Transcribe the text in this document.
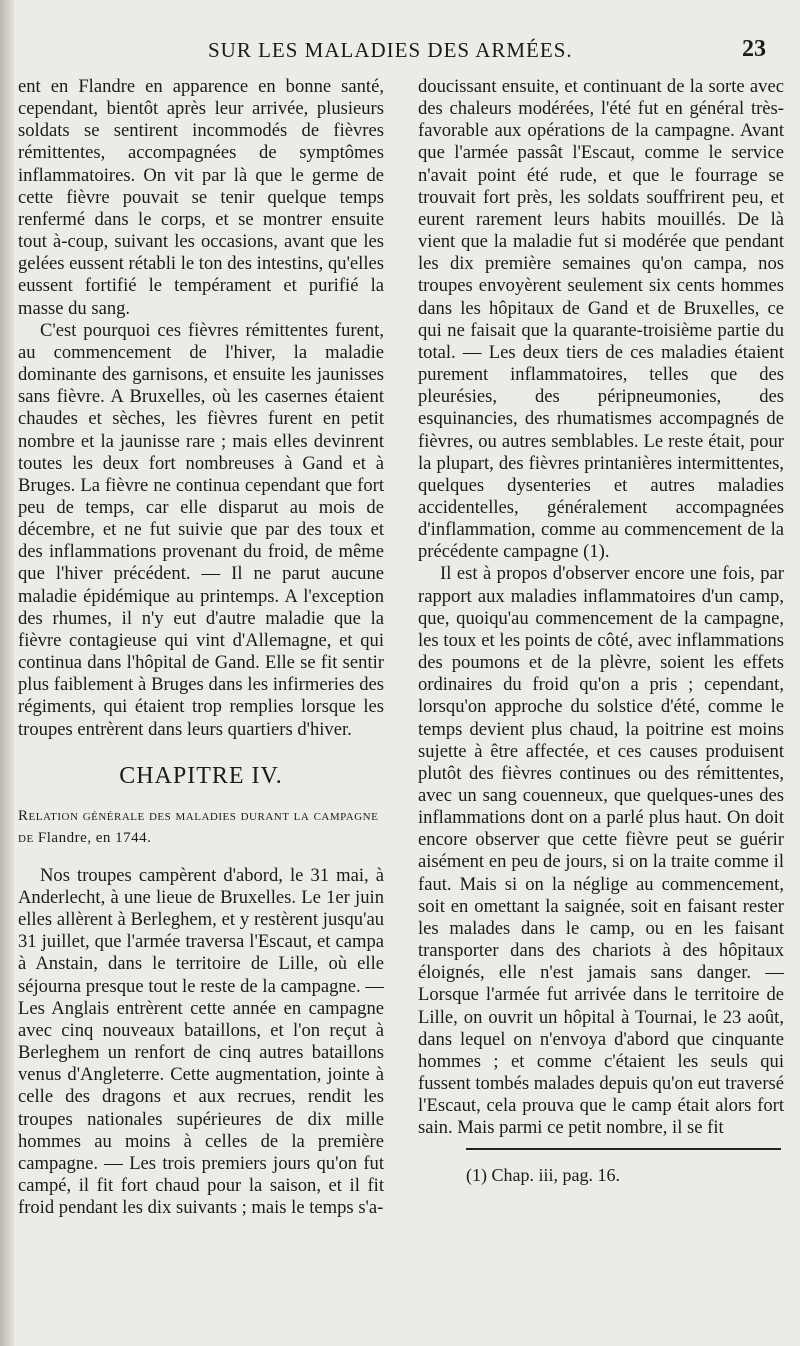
SUR LES MALADIES DES ARMÉES.	23

ent en Flandre en apparence en bonne santé, cependant, bientôt après leur arrivée, plusieurs soldats se sentirent incommodés de fièvres rémittentes, accompagnées de symptômes inflammatoires. On vit par là que le germe de cette fièvre pouvait se tenir quelque temps renfermé dans le corps, et se montrer ensuite tout à-coup, suivant les occasions, avant que les gelées eussent rétabli le ton des intestins, qu'elles eussent fortifié le tempérament et purifié la masse du sang.

C'est pourquoi ces fièvres rémittentes furent, au commencement de l'hiver, la maladie dominante des garnisons, et ensuite les jaunisses sans fièvre. A Bruxelles, où les casernes étaient chaudes et sèches, les fièvres furent en petit nombre et la jaunisse rare ; mais elles devinrent toutes les deux fort nombreuses à Gand et à Bruges. La fièvre ne continua cependant que fort peu de temps, car elle disparut au mois de décembre, et ne fut suivie que par des toux et des inflammations provenant du froid, de même que l'hiver précédent. — Il ne parut aucune maladie épidémique au printemps. A l'exception des rhumes, il n'y eut d'autre maladie que la fièvre contagieuse qui vint d'Allemagne, et qui continua dans l'hôpital de Gand. Elle se fit sentir plus faiblement à Bruges dans les infirmeries des régiments, qui étaient trop remplies lorsque les troupes entrèrent dans leurs quartiers d'hiver.

CHAPITRE IV.

Relation générale des maladies durant la campagne de Flandre, en 1744.

Nos troupes campèrent d'abord, le 31 mai, à Anderlecht, à une lieue de Bruxelles. Le 1er juin elles allèrent à Berleghem, et y restèrent jusqu'au 31 juillet, que l'armée traversa l'Escaut, et campa à Anstain, dans le territoire de Lille, où elle séjourna presque tout le reste de la campagne. — Les Anglais entrèrent cette année en campagne avec cinq nouveaux bataillons, et l'on reçut à Berleghem un renfort de cinq autres bataillons venus d'Angleterre. Cette augmentation, jointe à celle des dragons et aux recrues, rendit les troupes nationales supérieures de dix mille hommes au moins à celles de la première campagne. — Les trois premiers jours qu'on fut campé, il fit fort chaud pour la saison, et il fit froid pendant les dix suivants ; mais le temps s'a-

doucissant ensuite, et continuant de la sorte avec des chaleurs modérées, l'été fut en général très-favorable aux opérations de la campagne. Avant que l'armée passât l'Escaut, comme le service n'avait point été rude, et que le fourrage se trouvait fort près, les soldats souffrirent peu, et eurent rarement leurs habits mouillés. De là vient que la maladie fut si modérée que pendant les dix première semaines qu'on campa, nos troupes envoyèrent seulement six cents hommes dans les hôpitaux de Gand et de Bruxelles, ce qui ne faisait que la quarante-troisième partie du total. — Les deux tiers de ces maladies étaient purement inflammatoires, telles que des pleurésies, des péripneumonies, des esquinancies, des rhumatismes accompagnés de fièvres, ou autres semblables. Le reste était, pour la plupart, des fièvres printanières intermittentes, quelques dysenteries et autres maladies accidentelles, généralement accompagnées d'inflammation, comme au commencement de la précédente campagne (1).

Il est à propos d'observer encore une fois, par rapport aux maladies inflammatoires d'un camp, que, quoiqu'au commencement de la campagne, les toux et les points de côté, avec inflammations des poumons et de la plèvre, soient les effets ordinaires du froid qu'on a pris ; cependant, lorsqu'on approche du solstice d'été, comme le temps devient plus chaud, la poitrine est moins sujette à être affectée, et ces causes produisent plutôt des fièvres continues ou des rémittentes, avec un sang couenneux, que quelques-unes des inflammations dont on a parlé plus haut. On doit encore observer que cette fièvre peut se guérir aisément en peu de jours, si on la traite comme il faut. Mais si on la néglige au commencement, soit en omettant la saignée, soit en faisant rester les malades dans le camp, ou en les faisant transporter dans des chariots à des hôpitaux éloignés, elle n'est jamais sans danger. — Lorsque l'armée fut arrivée dans le territoire de Lille, on ouvrit un hôpital à Tournai, le 23 août, dans lequel on n'envoya d'abord que cinquante hommes ; et comme c'étaient les seuls qui fussent tombés malades depuis qu'on eut traversé l'Escaut, cela prouva que le camp était alors fort sain. Mais parmi ce petit nombre, il se fit

(1) Chap. iii, pag. 16.
